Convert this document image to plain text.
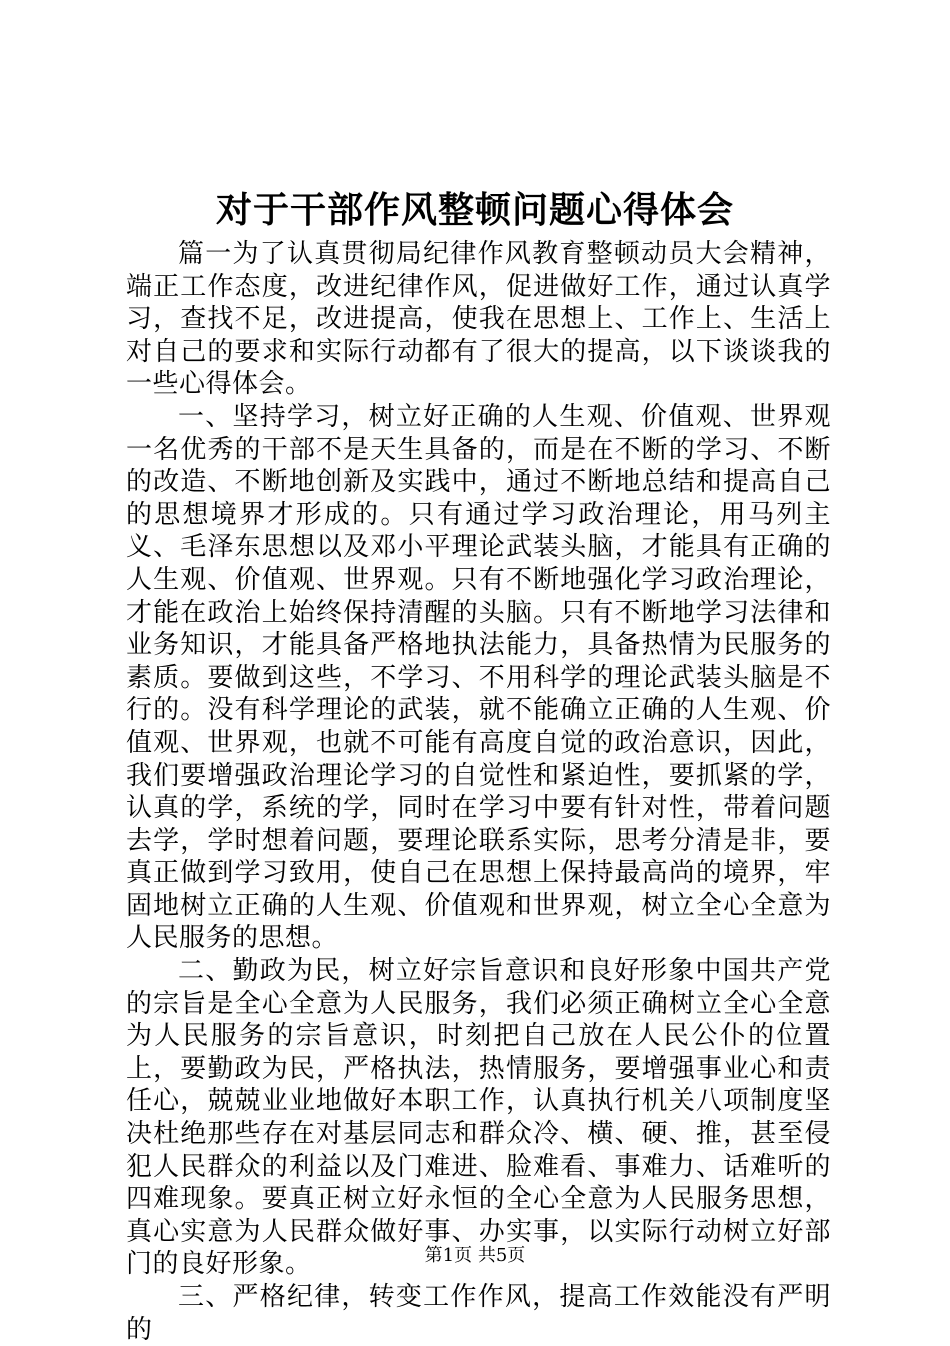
对于干部作风整顿问题心得体会

篇一为了认真贯彻局纪律作风教育整顿动员大会精神，端正工作态度，改进纪律作风，促进做好工作，通过认真学习，查找不足，改进提高，使我在思想上、工作上、生活上对自己的要求和实际行动都有了很大的提高，以下谈谈我的一些心得体会。

一、坚持学习，树立好正确的人生观、价值观、世界观一名优秀的干部不是天生具备的，而是在不断的学习、不断的改造、不断地创新及实践中，通过不断地总结和提高自己的思想境界才形成的。只有通过学习政治理论，用马列主义、毛泽东思想以及邓小平理论武装头脑，才能具有正确的人生观、价值观、世界观。只有不断地强化学习政治理论，才能在政治上始终保持清醒的头脑。只有不断地学习法律和业务知识，才能具备严格地执法能力，具备热情为民服务的素质。要做到这些，不学习、不用科学的理论武装头脑是不行的。没有科学理论的武装，就不能确立正确的人生观、价值观、世界观，也就不可能有高度自觉的政治意识，因此，我们要增强政治理论学习的自觉性和紧迫性，要抓紧的学，认真的学，系统的学，同时在学习中要有针对性，带着问题去学，学时想着问题，要理论联系实际，思考分清是非，要真正做到学习致用，使自己在思想上保持最高尚的境界，牢固地树立正确的人生观、价值观和世界观，树立全心全意为人民服务的思想。

二、勤政为民，树立好宗旨意识和良好形象中国共产党的宗旨是全心全意为人民服务，我们必须正确树立全心全意为人民服务的宗旨意识，时刻把自己放在人民公仆的位置上，要勤政为民，严格执法，热情服务，要增强事业心和责任心，兢兢业业地做好本职工作，认真执行机关八项制度坚决杜绝那些存在对基层同志和群众冷、横、硬、推，甚至侵犯人民群众的利益以及门难进、脸难看、事难力、话难听的四难现象。要真正树立好永恒的全心全意为人民服务思想，真心实意为人民群众做好事、办实事，以实际行动树立好部门的良好形象。

三、严格纪律，转变工作作风，提高工作效能没有严明的

第1页 共5页
